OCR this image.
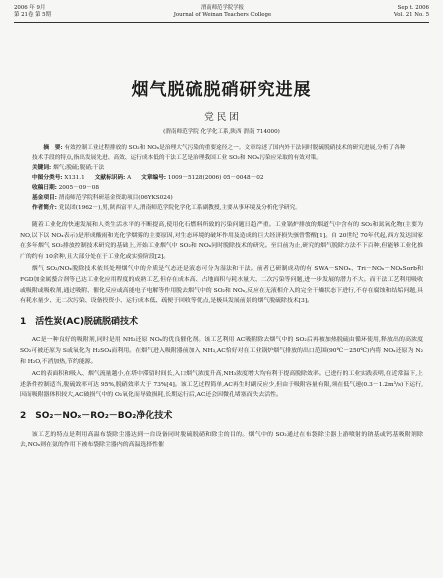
2006 年 9月
第 21卷 第 5期
渭南师范学院学报
Journal of Weinan Teachers College
Sep t. 2006
Vol. 21 No. 5
烟气脱硫脱硝研究进展
党 民 团
(渭南师范学院 化学化工系,陕西 渭南 714000)

摘　要: 有效控制工业过程排放的 SO₂和 NOₓ是治理大气污染的重要途径之一。文章综述了国内外干法同时脱硫脱硝技术的研究进展,分析了各种技术手段的特点,指出发展先进、高效、运行成本低的干法工艺是治理我国工业 SO₂和 NOₓ污染应采取的有效对策。

关键词: 烟气;脱硫;脱硝;干法

中图分类号: X131.1 文献标识码: A 文章编号: 1009－5128(2006) 05－0048－02

收稿日期: 2005－09－08

基金项目: 渭南师范学院科研基金资助项目(06YKS024)

作者简介: 党民团(1962－),男,陕西富平人,渭南师范学院化学化工系副教授,主要从事环境及分析化学研究。

随着工业化的快速发展和人类生活水平的不断提高,使用化石燃料所致的污染问题日趋严重。工业锅炉排放的烟道气中含有的 SO₂和氮氧化物(主要为 NO,以下以 NOₓ表示)是形成酸雨和光化学烟雾的主要原因,对生态环境的破坏作用及造成的巨大经济损失骇曾警醒[1]。自 20世纪 70年代起,西方发达国家在多年烟气 SO₂排放控制技术研究的基础上,开始工业烟气中 SO₂和 NOₓ同时脱除技术的研究。至目前为止,研究的烟气脱除方法不下百种,但能够工业化推广的约有 10余种,且大部分处在于工业化或实验阶段[2]。

烟气 SO₂/NOₓ脱除技术依其处理烟气中的介质是气态还是液态可分为湿法和干法。前者已研制成功的有 SWA－SNOₓ、Tri－NOₓ－NOₓSorb和 FGD加金属螯合剂等已达工业化应用程度的成熟工艺,但存在成本高、占地面积与耗水量大、二次污染等问题,进一步发展的潜力不大。而干法工艺利用吸收或吸附或吸收剂,通过吸附、催化反应或高能电子电解等作用脱去烟气中的 SO₂和 NOₓ,反应在无液相介入的完全干燥状态下进行,不存在腐蚀和结垢问题,具有耗水量少、无二次污染、设备投资小、运行成本低、疏便于回收等优点,是极具发展前景的烟气脱硫除技术[3]。

1　活性炭(AC)脱硫脱硝技术

AC是一种良好的吸附剂,同时是用 NH₃还原 NOₓ的优良催化剂。该工艺利用 AC吸附除去烟气中的 SO₂后再被加热脱硫由循环使用,释放出的高浓度 SO₂可被还原为 S或氧化为 H₂SO₄而利用。在烟气进入吸附器前加入 NH₃,AC恰好对在工业锅炉烟气排放的出口范围(90℃－250℃)内将 NOₓ还原为 N₂和 H₂O,不消加热,节约能源。

AC的表面积和吸入、烟气流量越小,在塔中滞留时间长,入口烟气浓度升高,NH₃浓度增大均有利于提高脱除效率。已进行的工业实践表明,在近常温下,上述条件控制适当,脱硫效率可达 95%,脱硝效率大于 73%[4]。该工艺过程简单,AC再生时副反应少,但由于吸附容量有限,须在低气速(0.3－1.2m³/s)下运行,因而吸附器体积较大,AC破损气中的 O₂氧化而导致损耗,长期运行后,AC还会因微孔堵塞而失去活性。

2　SO₂－NOₓ－RO₂－BO₂净化技术

该工艺的特点是利用高温布袋除尘器达到一台设备同时脱硫脱硝和除尘的目的。烟气中的 SO₂通过在布袋除尘器上游喷射的钠基或钙基吸附剂除去,NOₓ则在氨的作用下被布袋除尘器内的高温选择性催
